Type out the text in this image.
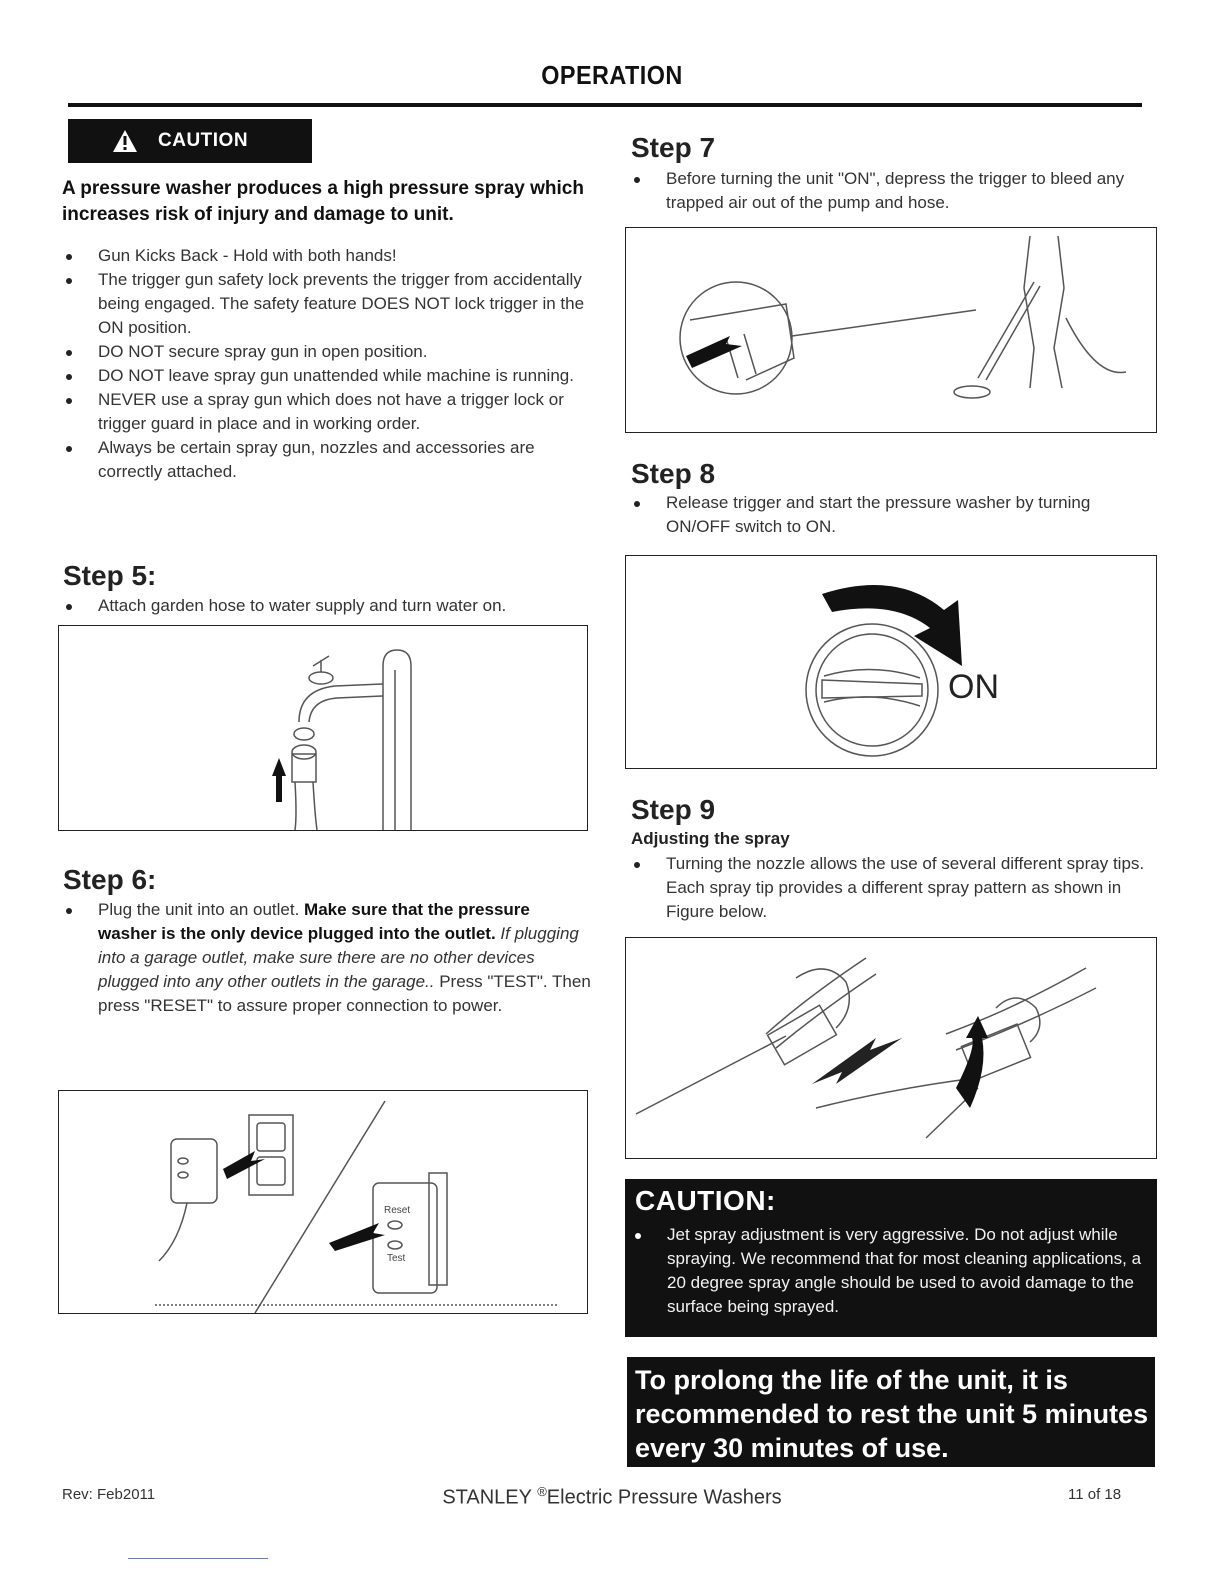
OPERATION
CAUTION
A pressure washer produces a high pressure spray which increases risk of injury and damage to unit.
Gun Kicks Back - Hold with both hands!
The trigger gun safety lock prevents the trigger from accidentally being engaged. The safety feature DOES NOT lock trigger in the ON position.
DO NOT secure spray gun in open position.
DO NOT leave spray gun unattended while machine is running.
NEVER use a spray gun which does not have a trigger lock or trigger guard in place and in working order.
Always be certain spray gun, nozzles and accessories are correctly attached.
Step 5:
Attach garden hose to water supply and turn water on.
Step 6:
Plug the unit into an outlet. Make sure that the pressure washer is the only device plugged into the outlet. If plugging into a garage outlet, make sure there are no other devices plugged into any other outlets in the garage.. Press "TEST". Then press "RESET" to assure proper connection to power.
Reset
Test
Step 7
Before turning the unit "ON", depress the trigger to bleed any trapped air out of the pump and hose.
Step 8
Release trigger and start the pressure washer by turning ON/OFF switch to ON.
ON
Step 9
Adjusting the spray
Turning the nozzle allows the use of several different spray tips. Each spray tip provides a different spray pattern as shown in Figure below.
CAUTION:
Jet spray adjustment is very aggressive. Do not adjust while spraying. We recommend that for most cleaning applications, a 20 degree spray angle should be used to avoid damage to the surface being sprayed.
To prolong the life of the unit, it is
recommended to rest the unit 5 minutes after
every 30 minutes of use.
Rev: Feb2011	STANLEY ®Electric Pressure Washers	11 of 18
